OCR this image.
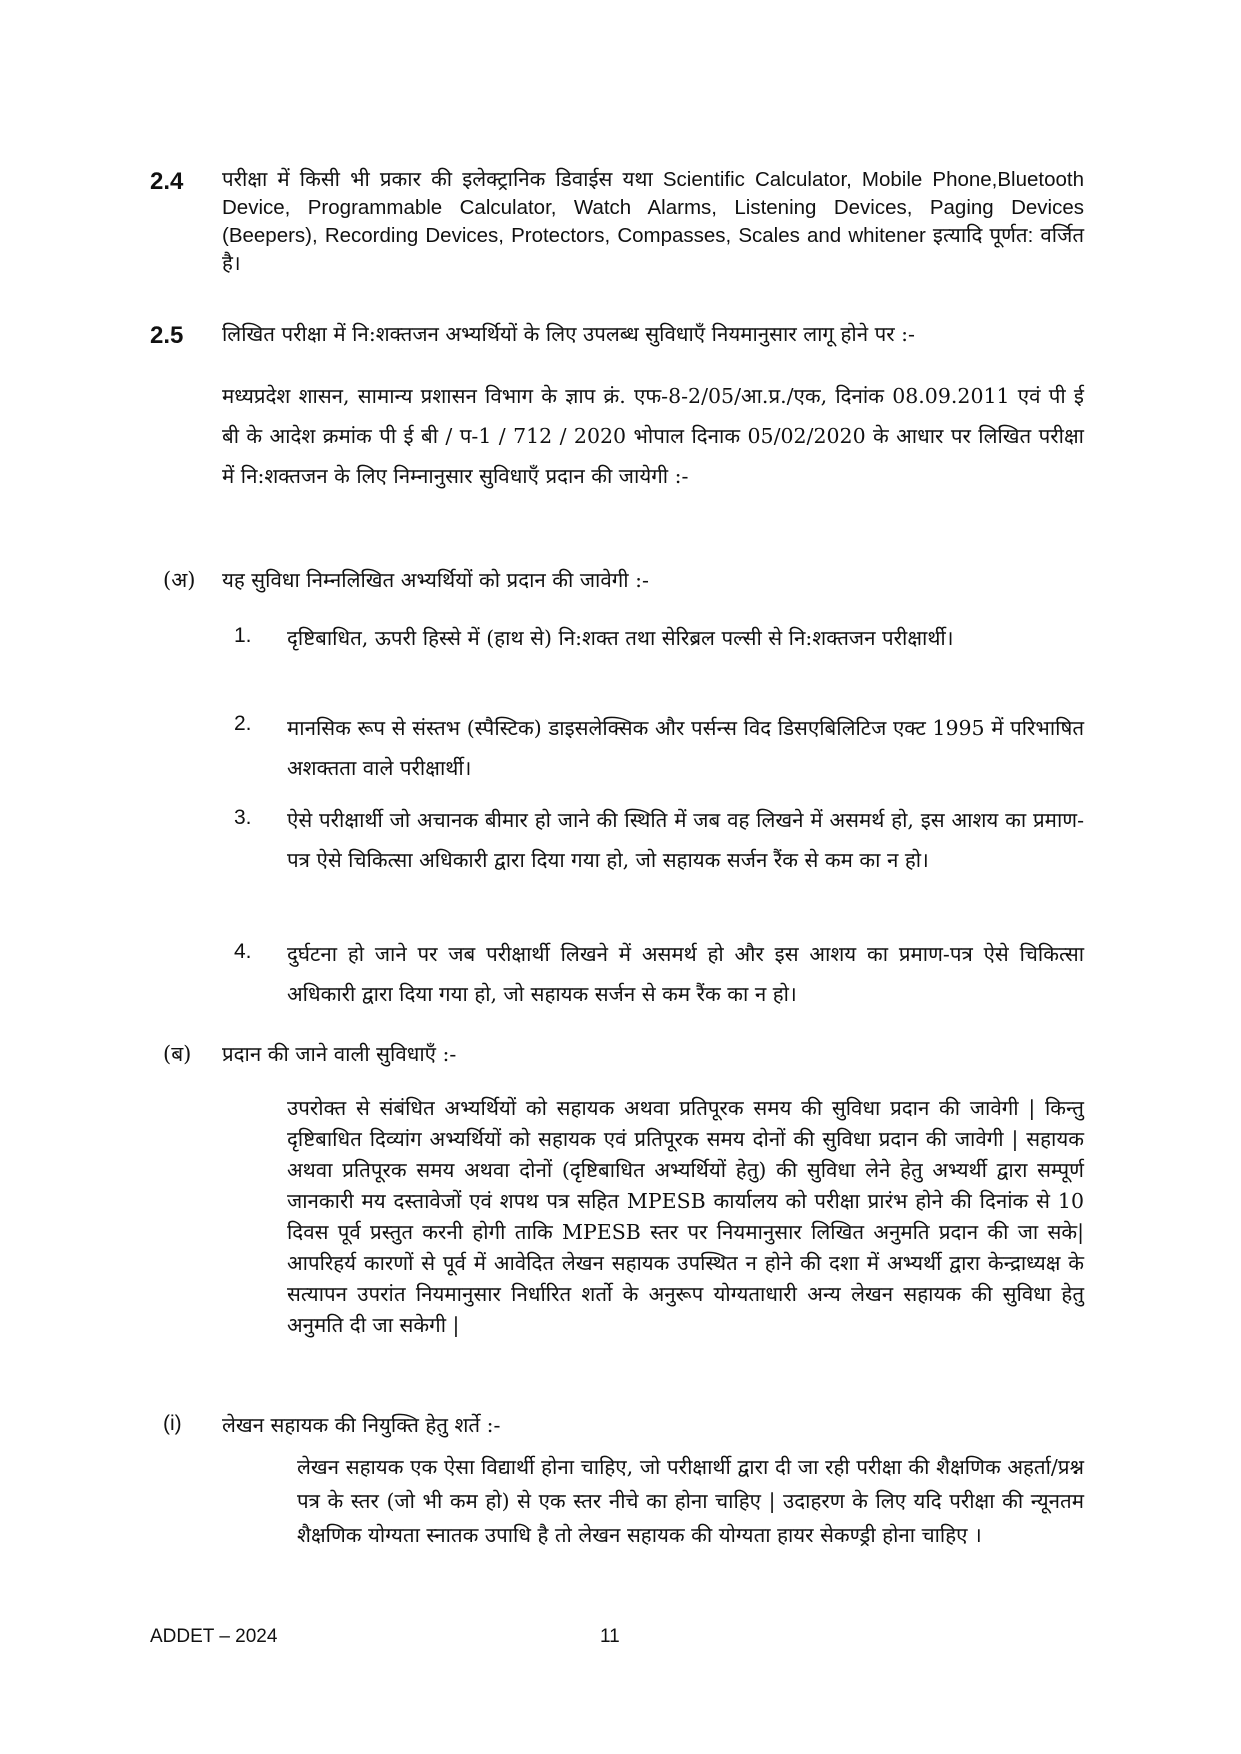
2.4 परीक्षा में किसी भी प्रकार की इलेक्ट्रानिक डिवाईस यथा Scientific Calculator, Mobile Phone,Bluetooth Device, Programmable Calculator, Watch Alarms, Listening Devices, Paging Devices (Beepers), Recording Devices, Protectors, Compasses, Scales and whitener इत्यादि पूर्णत: वर्जित है।
2.5 लिखित परीक्षा में नि:शक्तजन अभ्यर्थियों के लिए उपलब्ध सुविधाएँ नियमानुसार लागू होने पर :-
मध्यप्रदेश शासन, सामान्य प्रशासन विभाग के ज्ञाप क्रं. एफ-8-2/05/आ.प्र./एक, दिनांक 08.09.2011 एवं पी ई बी के आदेश क्रमांक पी ई बी / प-1 / 712 / 2020 भोपाल दिनाक 05/02/2020 के आधार पर लिखित परीक्षा में नि:शक्तजन के लिए निम्नानुसार सुविधाऍं प्रदान की जायेगी :-
(अ) यह सुविधा निम्नलिखित अभ्यर्थियों को प्रदान की जावेगी :-
1. दृष्टिबाधित, ऊपरी हिस्से में (हाथ से) नि:शक्त तथा सेरिब्रल पल्सी से नि:शक्तजन परीक्षार्थी।
2. मानसिक रूप से संस्तभ (स्पैस्टिक) डाइसलेक्सिक और पर्सन्स विद डिसएबिलिटिज एक्ट 1995 में परिभाषित अशक्तता वाले परीक्षार्थी।
3. ऐसे परीक्षार्थी जो अचानक बीमार हो जाने की स्थिति में जब वह लिखने में असमर्थ हो, इस आशय का प्रमाण-पत्र ऐसे चिकित्सा अधिकारी द्वारा दिया गया हो, जो सहायक सर्जन रैंक से कम का न हो।
4. दुर्घटना हो जाने पर जब परीक्षार्थी लिखने में असमर्थ हो और इस आशय का प्रमाण-पत्र ऐसे चिकित्सा अधिकारी द्वारा दिया गया हो, जो सहायक सर्जन से कम रैंक का न हो।
(ब) प्रदान की जाने वाली सुविधाएँ :-
उपरोक्त से संबंधित अभ्यर्थियों को सहायक अथवा प्रतिपूरक समय की सुविधा प्रदान की जावेगी | किन्तु दृष्टिबाधित दिव्यांग अभ्यर्थियों को सहायक एवं प्रतिपूरक समय दोनों की सुविधा प्रदान की जावेगी | सहायक अथवा प्रतिपूरक समय अथवा दोनों (दृष्टिबाधित अभ्यर्थियों हेतु) की सुविधा लेने हेतु अभ्यर्थी द्वारा सम्पूर्ण जानकारी मय दस्तावेजों एवं शपथ पत्र सहित MPESB कार्यालय को परीक्षा प्रारंभ होने की दिनांक से 10 दिवस पूर्व प्रस्तुत करनी होगी ताकि MPESB स्तर पर नियमानुसार लिखित अनुमति प्रदान की जा सके| आपरिहर्य कारणों से पूर्व में आवेदित लेखन सहायक उपस्थित न होने की दशा में अभ्यर्थी द्वारा केन्द्राध्यक्ष के सत्यापन उपरांत नियमानुसार निर्धारित शर्तो के अनुरूप योग्यताधारी अन्य लेखन सहायक की सुविधा हेतु अनुमति दी जा सकेगी |
(i) लेखन सहायक की नियुक्ति हेतु शर्ते :-
लेखन सहायक एक ऐसा विद्यार्थी होना चाहिए, जो परीक्षार्थी द्वारा दी जा रही परीक्षा की शैक्षणिक अहर्ता/प्रश्न पत्र के स्तर (जो भी कम हो) से एक स्तर नीचे का होना चाहिए | उदाहरण के लिए यदि परीक्षा की न्यूनतम शैक्षणिक योग्यता स्नातक उपाधि है तो लेखन सहायक की योग्यता हायर सेकण्ड्री होना चाहिए ।
ADDET – 2024	11
